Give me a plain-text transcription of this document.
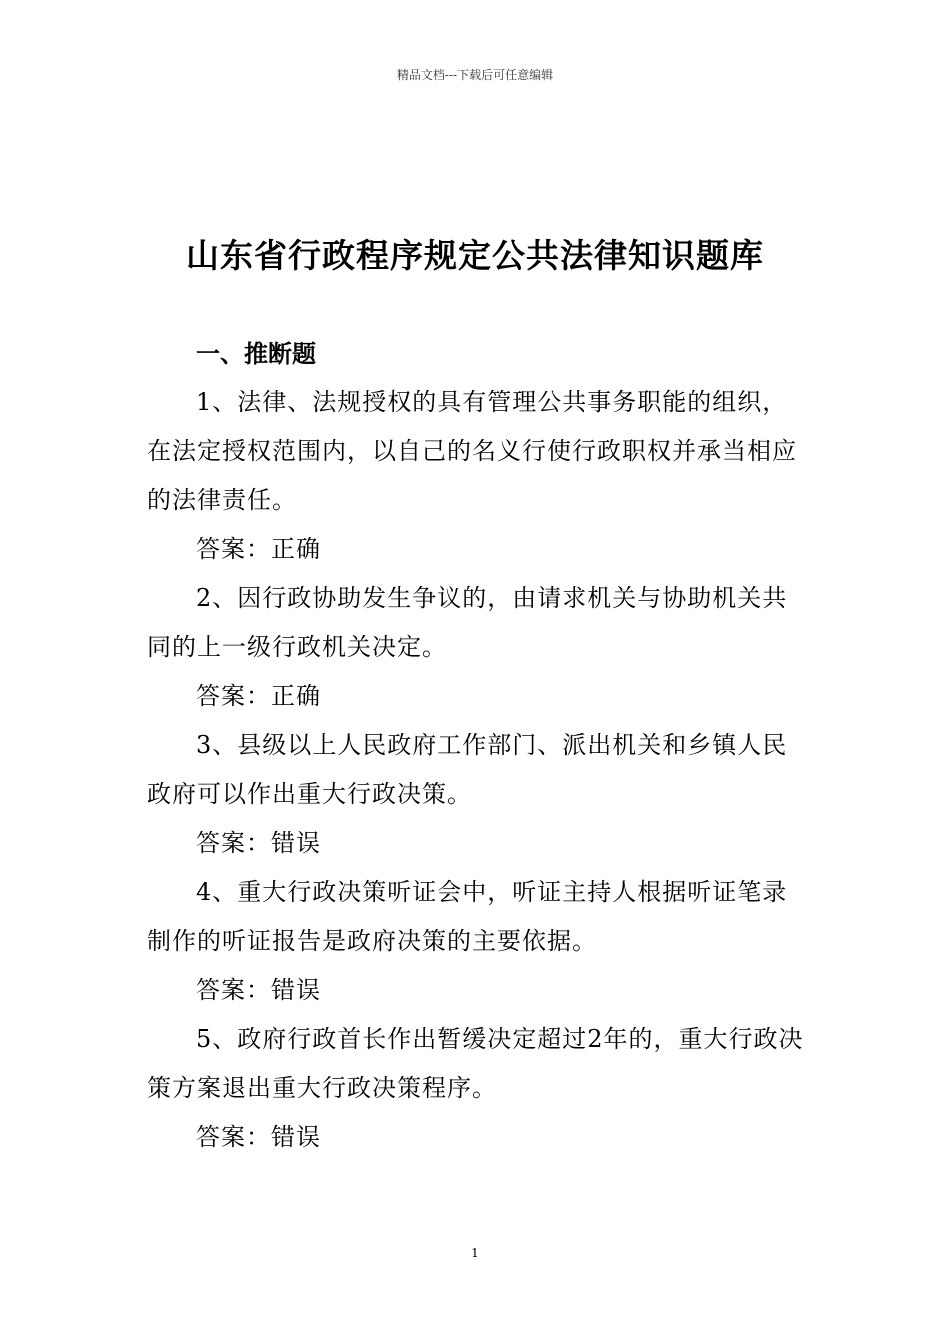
精品文档---下载后可任意编辑
山东省行政程序规定公共法律知识题库

一、推断题

1、法律、法规授权的具有管理公共事务职能的组织，在法定授权范围内，以自己的名义行使行政职权并承当相应的法律责任。

答案：正确

2、因行政协助发生争议的，由请求机关与协助机关共同的上一级行政机关决定。

答案：正确

3、县级以上人民政府工作部门、派出机关和乡镇人民政府可以作出重大行政决策。

答案：错误

4、重大行政决策听证会中，听证主持人根据听证笔录制作的听证报告是政府决策的主要依据。

答案：错误

5、政府行政首长作出暂缓决定超过2年的，重大行政决策方案退出重大行政决策程序。

答案：错误

1
